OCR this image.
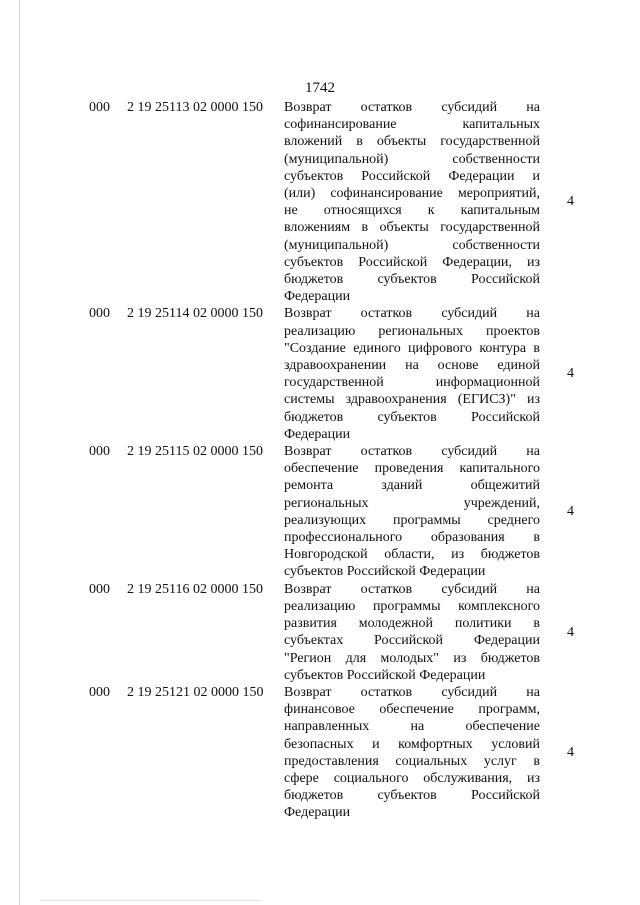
1742
000	2 19 25113 02 0000 150	Возврат остатков субсидий на
софинансирование капитальных
вложений в объекты государственной
(муниципальной) собственности
субъектов Российской Федерации и
(или) софинансирование мероприятий,
не относящихся к капитальным
вложениям в объекты государственной
(муниципальной) собственности
субъектов Российской Федерации, из
бюджетов субъектов Российской
Федерации
4
000	2 19 25114 02 0000 150	Возврат остатков субсидий на
реализацию региональных проектов
"Создание единого цифрового контура в
здравоохранении на основе единой
государственной информационной
системы здравоохранения (ЕГИСЗ)" из
бюджетов субъектов Российской
Федерации
4
000	2 19 25115 02 0000 150	Возврат остатков субсидий на
обеспечение проведения капитального
ремонта зданий общежитий
региональных учреждений,
реализующих программы среднего
профессионального образования в
Новгородской области, из бюджетов
субъектов Российской Федерации
4
000	2 19 25116 02 0000 150	Возврат остатков субсидий на
реализацию программы комплексного
развития молодежной политики в
субъектах Российской Федерации
"Регион для молодых" из бюджетов
субъектов Российской Федерации
4
000	2 19 25121 02 0000 150	Возврат остатков субсидий на
финансовое обеспечение программ,
направленных на обеспечение
безопасных и комфортных условий
предоставления социальных услуг в
сфере социального обслуживания, из
бюджетов субъектов Российской
Федерации
4
